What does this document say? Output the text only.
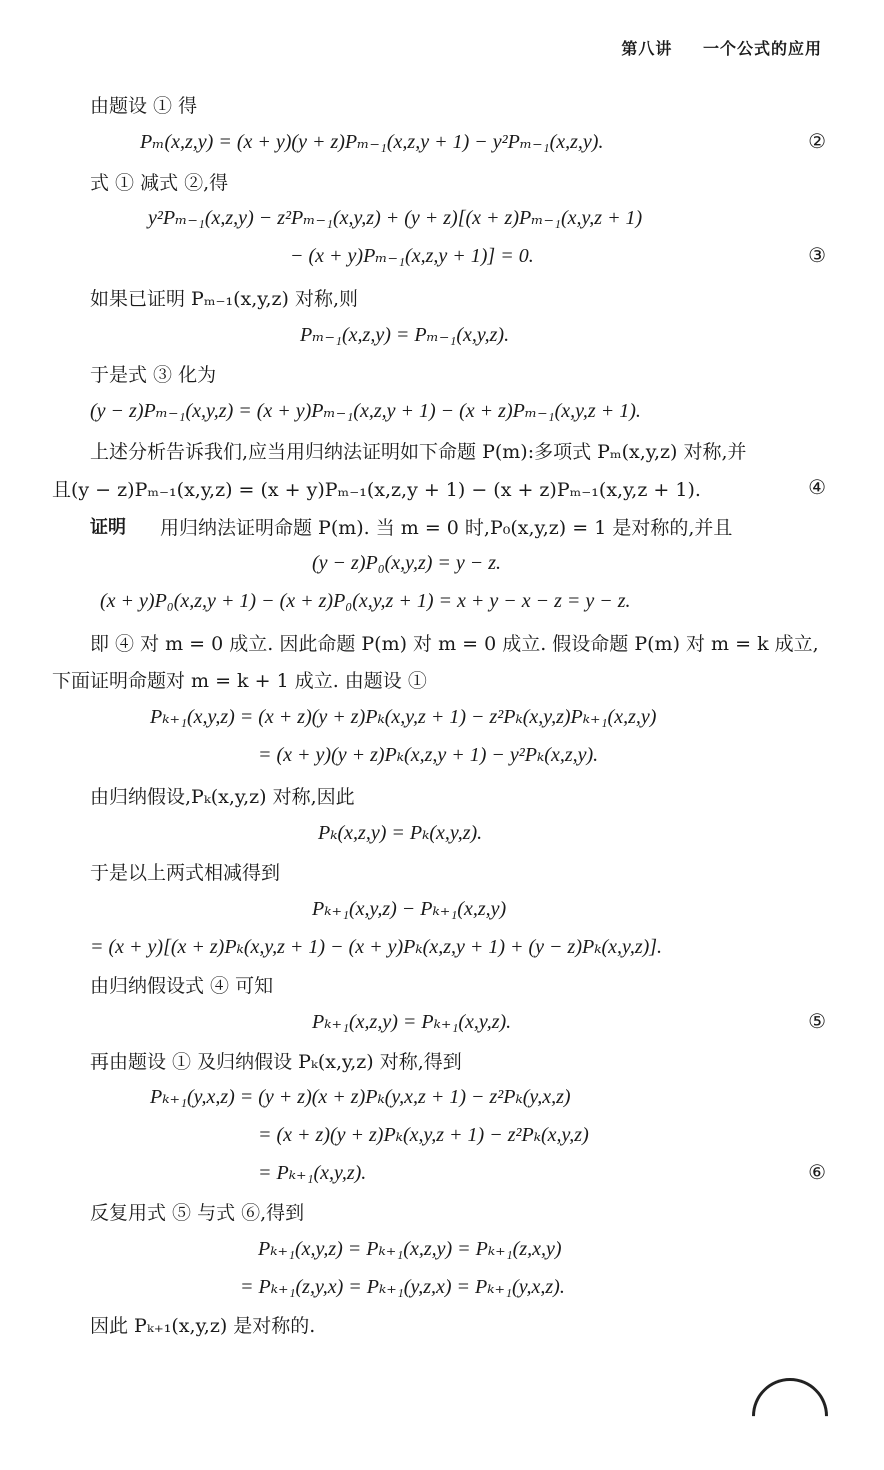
第八讲 一个公式的应用
由题设 ① 得
Pₘ(x,z,y) = (x + y)(y + z)Pₘ₋₁(x,z,y + 1) − y²Pₘ₋₁(x,z,y).	②
式 ① 减式 ②,得
y²Pₘ₋₁(x,z,y) − z²Pₘ₋₁(x,y,z) + (y + z)[(x + z)Pₘ₋₁(x,y,z + 1)
− (x + y)Pₘ₋₁(x,z,y + 1)] = 0.	③
如果已证明 Pₘ₋₁(x,y,z) 对称,则
Pₘ₋₁(x,z,y) = Pₘ₋₁(x,y,z).
于是式 ③ 化为
(y − z)Pₘ₋₁(x,y,z) = (x + y)Pₘ₋₁(x,z,y + 1) − (x + z)Pₘ₋₁(x,y,z + 1).
上述分析告诉我们,应当用归纳法证明如下命题 P(m):多项式 Pₘ(x,y,z) 对称,并
且(y − z)Pₘ₋₁(x,y,z) = (x + y)Pₘ₋₁(x,z,y + 1) − (x + z)Pₘ₋₁(x,y,z + 1).	④
证明 用归纳法证明命题 P(m). 当 m = 0 时,P₀(x,y,z) = 1 是对称的,并且
(y − z)P₀(x,y,z) = y − z.
(x + y)P₀(x,z,y + 1) − (x + z)P₀(x,y,z + 1) = x + y − x − z = y − z.
即 ④ 对 m = 0 成立. 因此命题 P(m) 对 m = 0 成立. 假设命题 P(m) 对 m = k 成立,
下面证明命题对 m = k + 1 成立. 由题设 ①
Pₖ₊₁(x,y,z) = (x + z)(y + z)Pₖ(x,y,z + 1) − z²Pₖ(x,y,z)Pₖ₊₁(x,z,y)
= (x + y)(y + z)Pₖ(x,z,y + 1) − y²Pₖ(x,z,y).
由归纳假设,Pₖ(x,y,z) 对称,因此
Pₖ(x,z,y) = Pₖ(x,y,z).
于是以上两式相减得到
Pₖ₊₁(x,y,z) − Pₖ₊₁(x,z,y)
= (x + y)[(x + z)Pₖ(x,y,z + 1) − (x + y)Pₖ(x,z,y + 1) + (y − z)Pₖ(x,y,z)].
由归纳假设式 ④ 可知
Pₖ₊₁(x,z,y) = Pₖ₊₁(x,y,z).	⑤
再由题设 ① 及归纳假设 Pₖ(x,y,z) 对称,得到
Pₖ₊₁(y,x,z) = (y + z)(x + z)Pₖ(y,x,z + 1) − z²Pₖ(y,x,z)
= (x + z)(y + z)Pₖ(x,y,z + 1) − z²Pₖ(x,y,z)
= Pₖ₊₁(x,y,z).	⑥
反复用式 ⑤ 与式 ⑥,得到
Pₖ₊₁(x,y,z) = Pₖ₊₁(x,z,y) = Pₖ₊₁(z,x,y)
= Pₖ₊₁(z,y,x) = Pₖ₊₁(y,z,x) = Pₖ₊₁(y,x,z).
因此 Pₖ₊₁(x,y,z) 是对称的.
